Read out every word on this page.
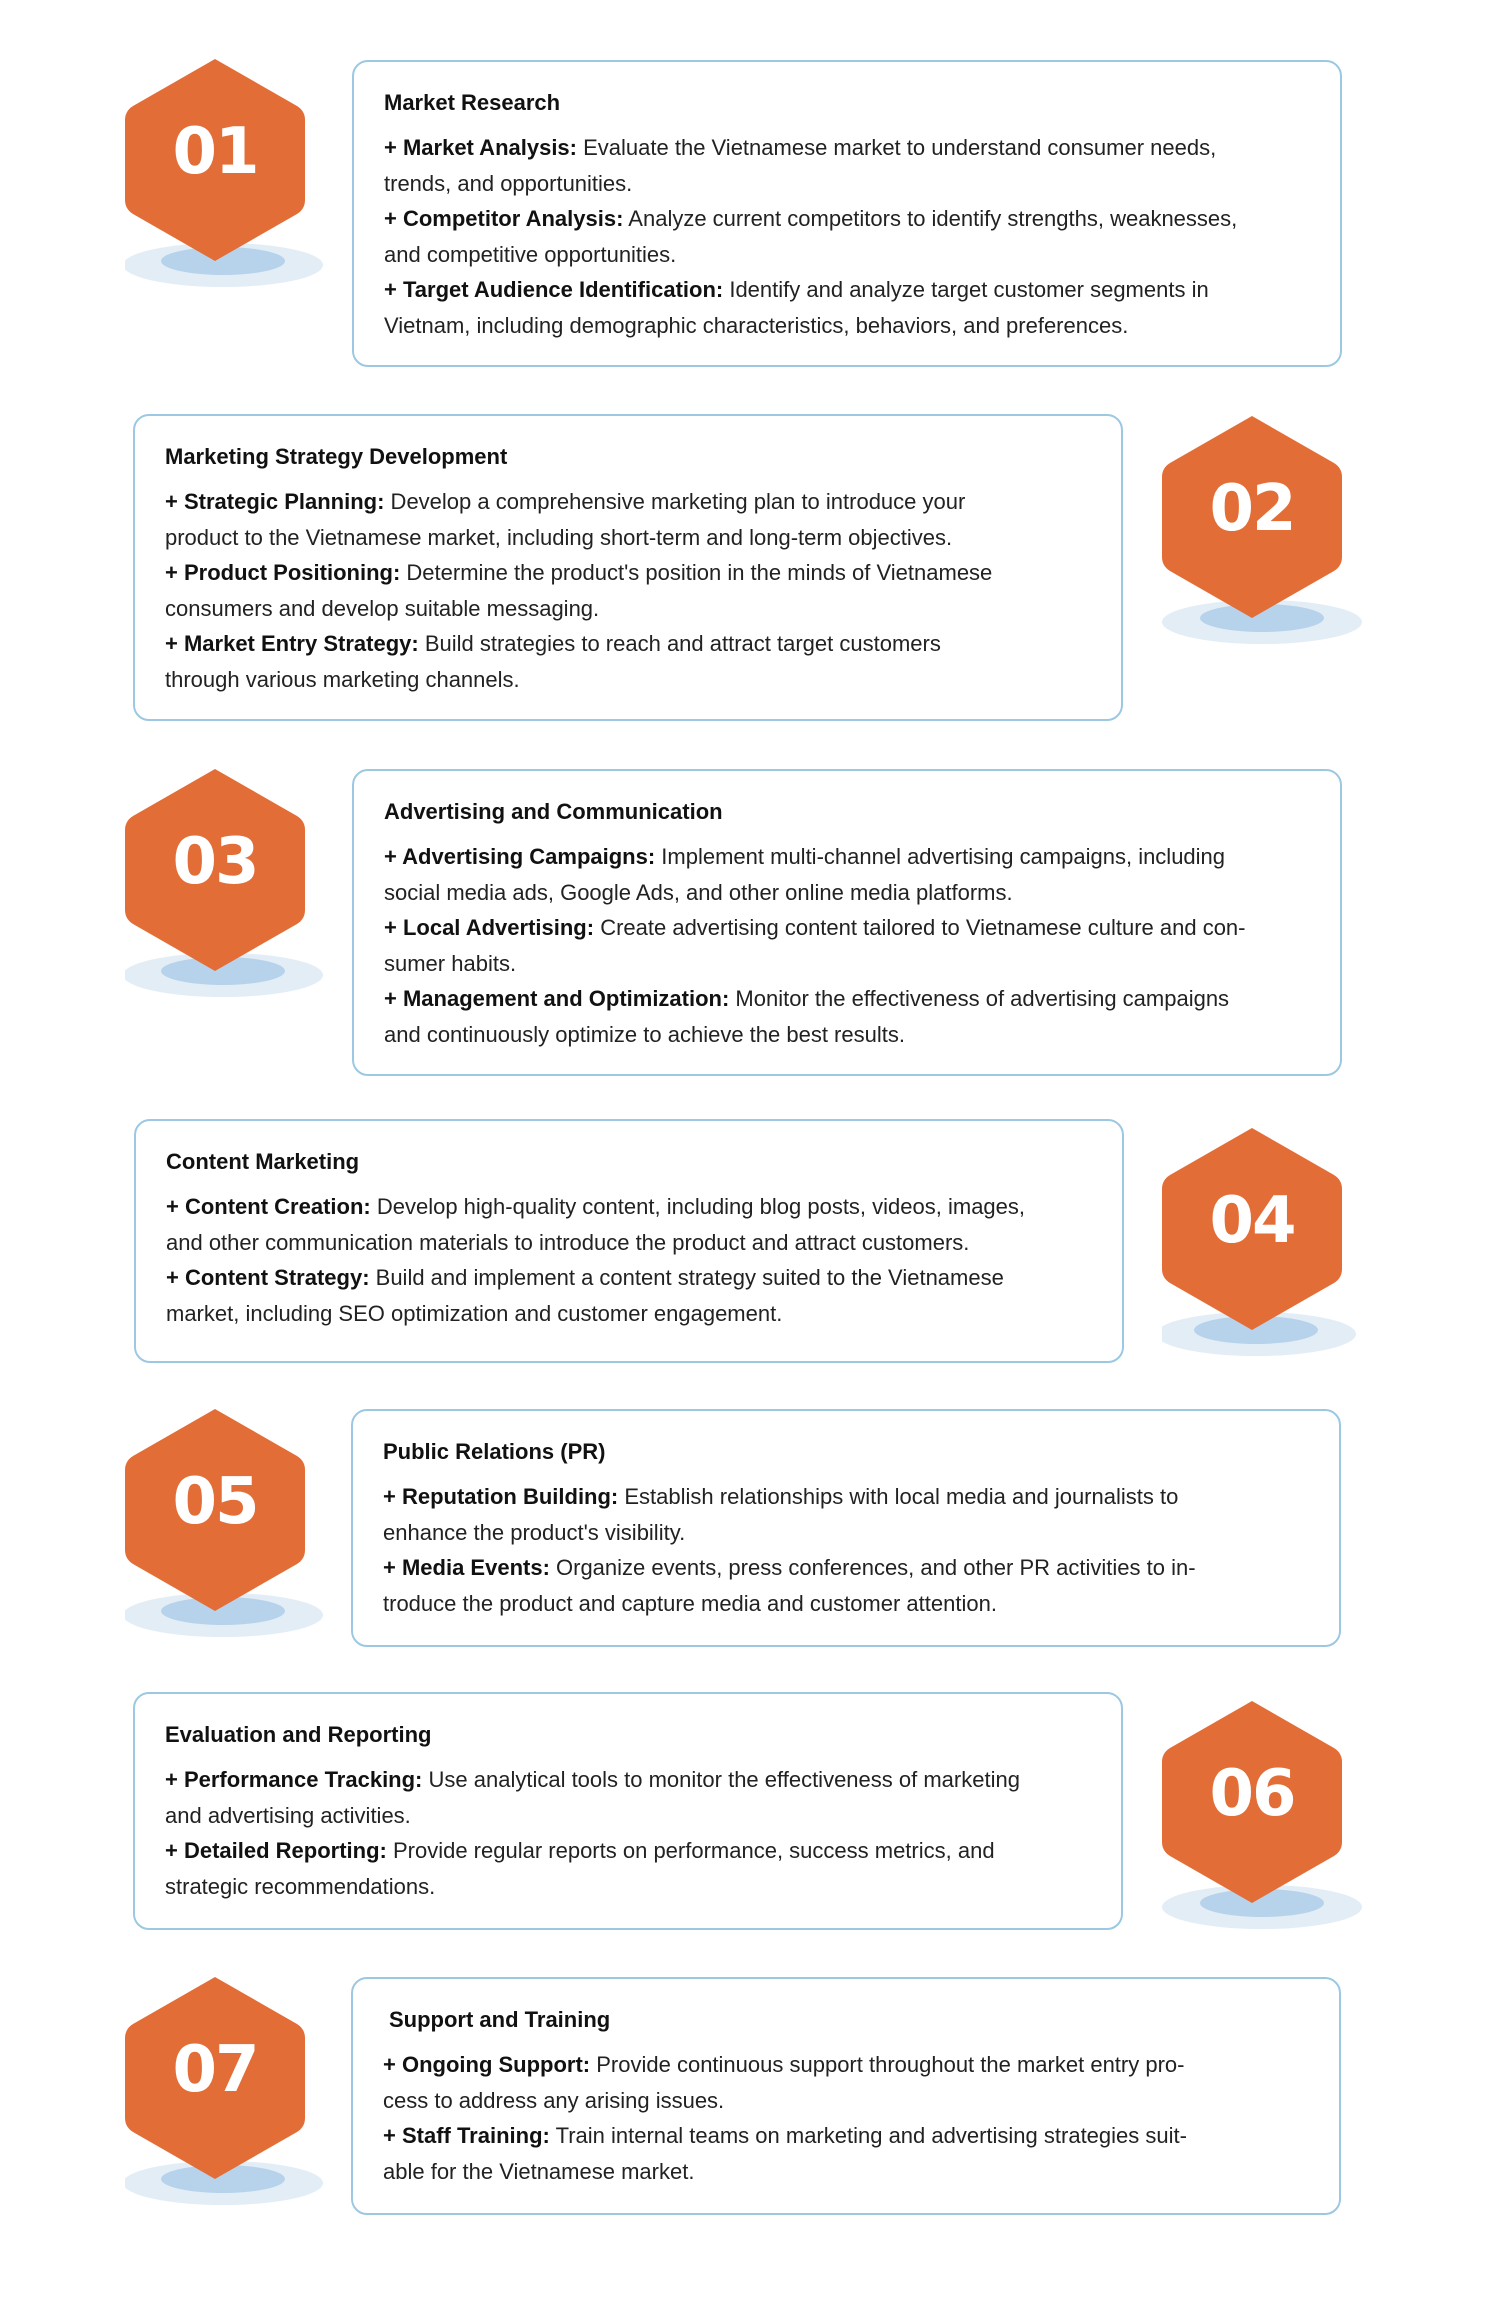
01

Market Research

+ Market Analysis: Evaluate the Vietnamese market to understand consumer needs,

trends, and opportunities.

+ Competitor Analysis: Analyze current competitors to identify strengths, weaknesses,

and competitive opportunities.

+ Target Audience Identification: Identify and analyze target customer segments in

Vietnam, including demographic characteristics, behaviors, and preferences.

Marketing Strategy Development

+ Strategic Planning: Develop a comprehensive marketing plan to introduce your

product to the Vietnamese market, including short-term and long-term objectives.

+ Product Positioning: Determine the product's position in the minds of Vietnamese

consumers and develop suitable messaging.

+ Market Entry Strategy: Build strategies to reach and attract target customers

through various marketing channels.

02
03

Advertising and Communication

+ Advertising Campaigns: Implement multi-channel advertising campaigns, including

social media ads, Google Ads, and other online media platforms.

+ Local Advertising: Create advertising content tailored to Vietnamese culture and con-

sumer habits.

+ Management and Optimization: Monitor the effectiveness of advertising campaigns

and continuously optimize to achieve the best results.

Content Marketing

+ Content Creation: Develop high-quality content, including blog posts, videos, images,

and other communication materials to introduce the product and attract customers.

+ Content Strategy: Build and implement a content strategy suited to the Vietnamese

market, including SEO optimization and customer engagement.

04
05

Public Relations (PR)

+ Reputation Building: Establish relationships with local media and journalists to

enhance the product's visibility.

+ Media Events: Organize events, press conferences, and other PR activities to in-

troduce the product and capture media and customer attention.

Evaluation and Reporting

+ Performance Tracking: Use analytical tools to monitor the effectiveness of marketing

and advertising activities.

+ Detailed Reporting: Provide regular reports on performance, success metrics, and

strategic recommendations.

06
07

Support and Training

+ Ongoing Support: Provide continuous support throughout the market entry pro-

cess to address any arising issues.

+ Staff Training: Train internal teams on marketing and advertising strategies suit-

able for the Vietnamese market.
